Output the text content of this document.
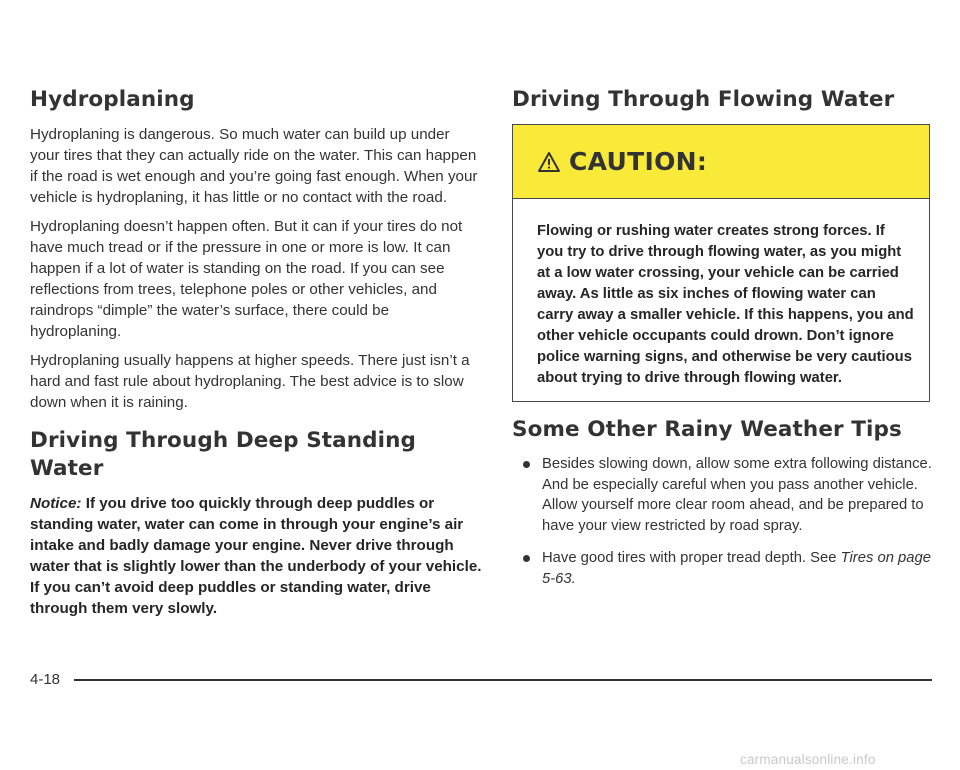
Hydroplaning

Hydroplaning is dangerous. So much water can build up under your tires that they can actually ride on the water. This can happen if the road is wet enough and you’re going fast enough. When your vehicle is hydroplaning, it has little or no contact with the road.

Hydroplaning doesn’t happen often. But it can if your tires do not have much tread or if the pressure in one or more is low. It can happen if a lot of water is standing on the road. If you can see reflections from trees, telephone poles or other vehicles, and raindrops “dimple” the water’s surface, there could be hydroplaning.

Hydroplaning usually happens at higher speeds. There just isn’t a hard and fast rule about hydroplaning. The best advice is to slow down when it is raining.

Driving Through Deep Standing Water
Notice: If you drive too quickly through deep puddles or standing water, water can come in through your engine’s air intake and badly damage your engine. Never drive through water that is slightly lower than the underbody of your vehicle. If you can’t avoid deep puddles or standing water, drive through them very slowly.
Driving Through Flowing Water
CAUTION:
Flowing or rushing water creates strong forces. If you try to drive through flowing water, as you might at a low water crossing, your vehicle can be carried away. As little as six inches of flowing water can carry away a smaller vehicle. If this happens, you and other vehicle occupants could drown. Don’t ignore police warning signs, and otherwise be very cautious about trying to drive through flowing water.
Some Other Rainy Weather Tips
Besides slowing down, allow some extra following distance. And be especially careful when you pass another vehicle. Allow yourself more clear room ahead, and be prepared to have your view restricted by road spray.
Have good tires with proper tread depth. See Tires on page 5-63.
4-18
carmanualsonline.info
